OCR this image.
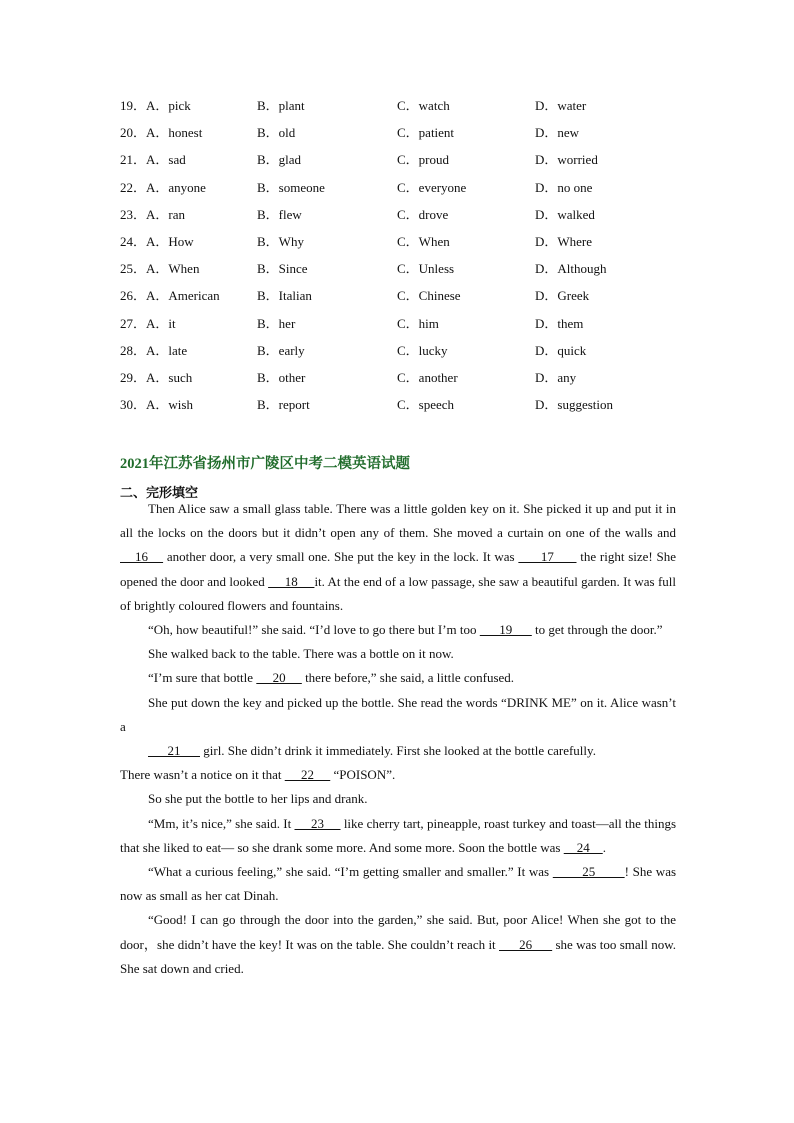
19．A．pick	B．plant	C．watch	D．water
20．A．honest	B．old	C．patient	D．new
21．A．sad	B．glad	C．proud	D．worried
22．A．anyone	B．someone	C．everyone	D．no one
23．A．ran	B．flew	C．drove	D．walked
24．A．How	B．Why	C．When	D．Where
25．A．When	B．Since	C．Unless	D．Although
26．A．American	B．Italian	C．Chinese	D．Greek
27．A．it	B．her	C．him	D．them
28．A．late	B．early	C．lucky	D．quick
29．A．such	B．other	C．another	D．any
30．A．wish	B．report	C．speech	D．suggestion
2021年江苏省扬州市广陵区中考二模英语试题
二、完形填空

Then Alice saw a small glass table. There was a little golden key on it. She picked it up and put it in all the locks on the doors but it didn’t open any of them. She moved a curtain on one of the walls and     16     another door, a very small one. She put the key in the lock. It was       17       the right size! She opened the door and looked      18     it. At the end of a low passage, she saw a beautiful garden. It was full of brightly coloured flowers and fountains.

“Oh, how beautiful!” she said. “I’d love to go there but I’m too       19       to get through the door.”

She walked back to the table. There was a bottle on it now.

“I’m sure that bottle      20      there before,” she said, a little confused.

She put down the key and picked up the bottle. She read the words “DRINK ME” on it. Alice wasn’t a

21       girl. She didn’t drink it immediately. First she looked at the bottle carefully.

There wasn’t a notice on it that      22      “POISON”.

So she put the bottle to her lips and drank.

“Mm, it’s nice,” she said. It      23      like cherry tart, pineapple, roast turkey and toast—all the things that she liked to eat— so she drank some more. And some more. Soon the bottle was     24    .

“What a curious feeling,” she said. “I’m getting smaller and smaller.” It was         25        ! She was now as small as her cat Dinah.

“Good! I can go through the door into the garden,” she said. But, poor Alice! When she got to the door，she didn’t have the key! It was on the table. She couldn’t reach it       26       she was too small now. She sat down and cried.
